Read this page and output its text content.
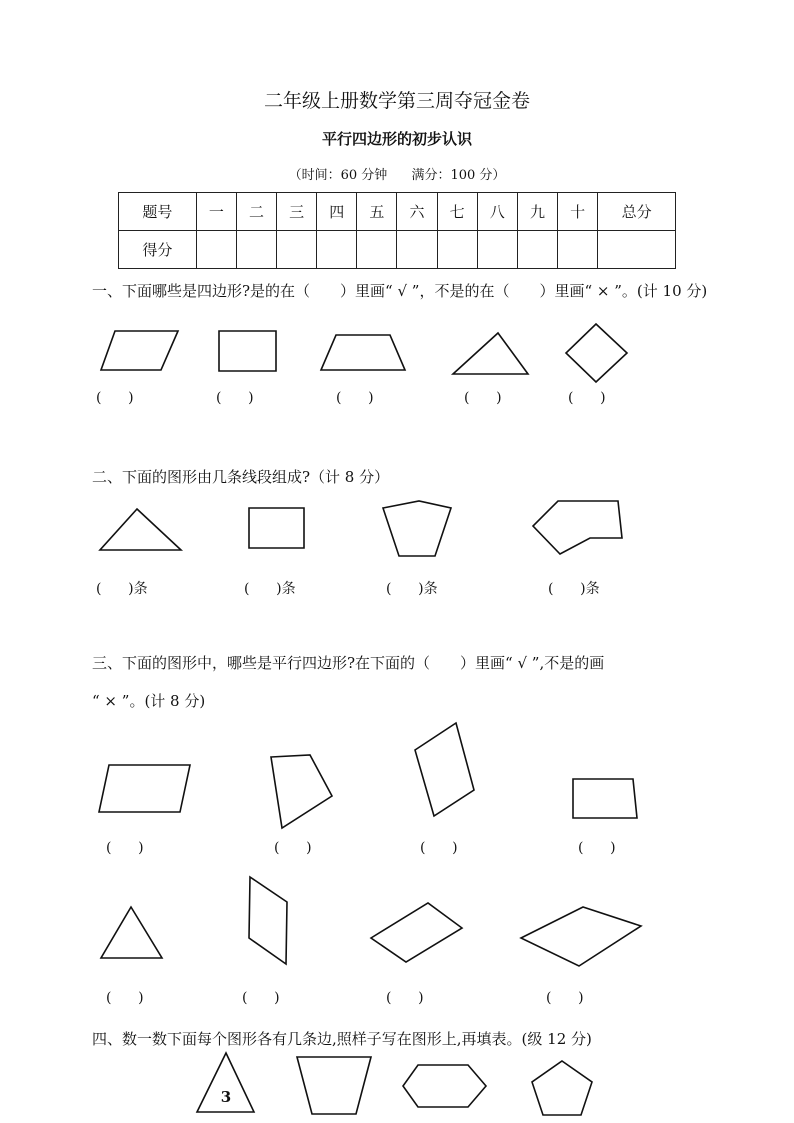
二年级上册数学第三周夺冠金卷
平行四边形的初步认识
（时间：60 分钟 满分：100 分）
题号	一	二	三	四	五	六	七	八	九	十	总分
得分											
一、下面哪些是四边形?是的在（　　）里画“ √ ”，不是的在（　　）里画“ × ”。(计 10 分)
(      )	(      )	(      )	(      )	(      )
二、下面的图形由几条线段组成?（计 8 分）
(      )条	(      )条	(      )条	(      )条
三、下面的图形中，哪些是平行四边形?在下面的（　　）里画“ √ ”,不是的画
“ × ”。(计 8 分)
(      )	(      )	(      )	(      )
(      )	(      )	(      )	(      )
四、数一数下面每个图形各有几条边,照样子写在图形上,再填表。(级 12 分)
3
